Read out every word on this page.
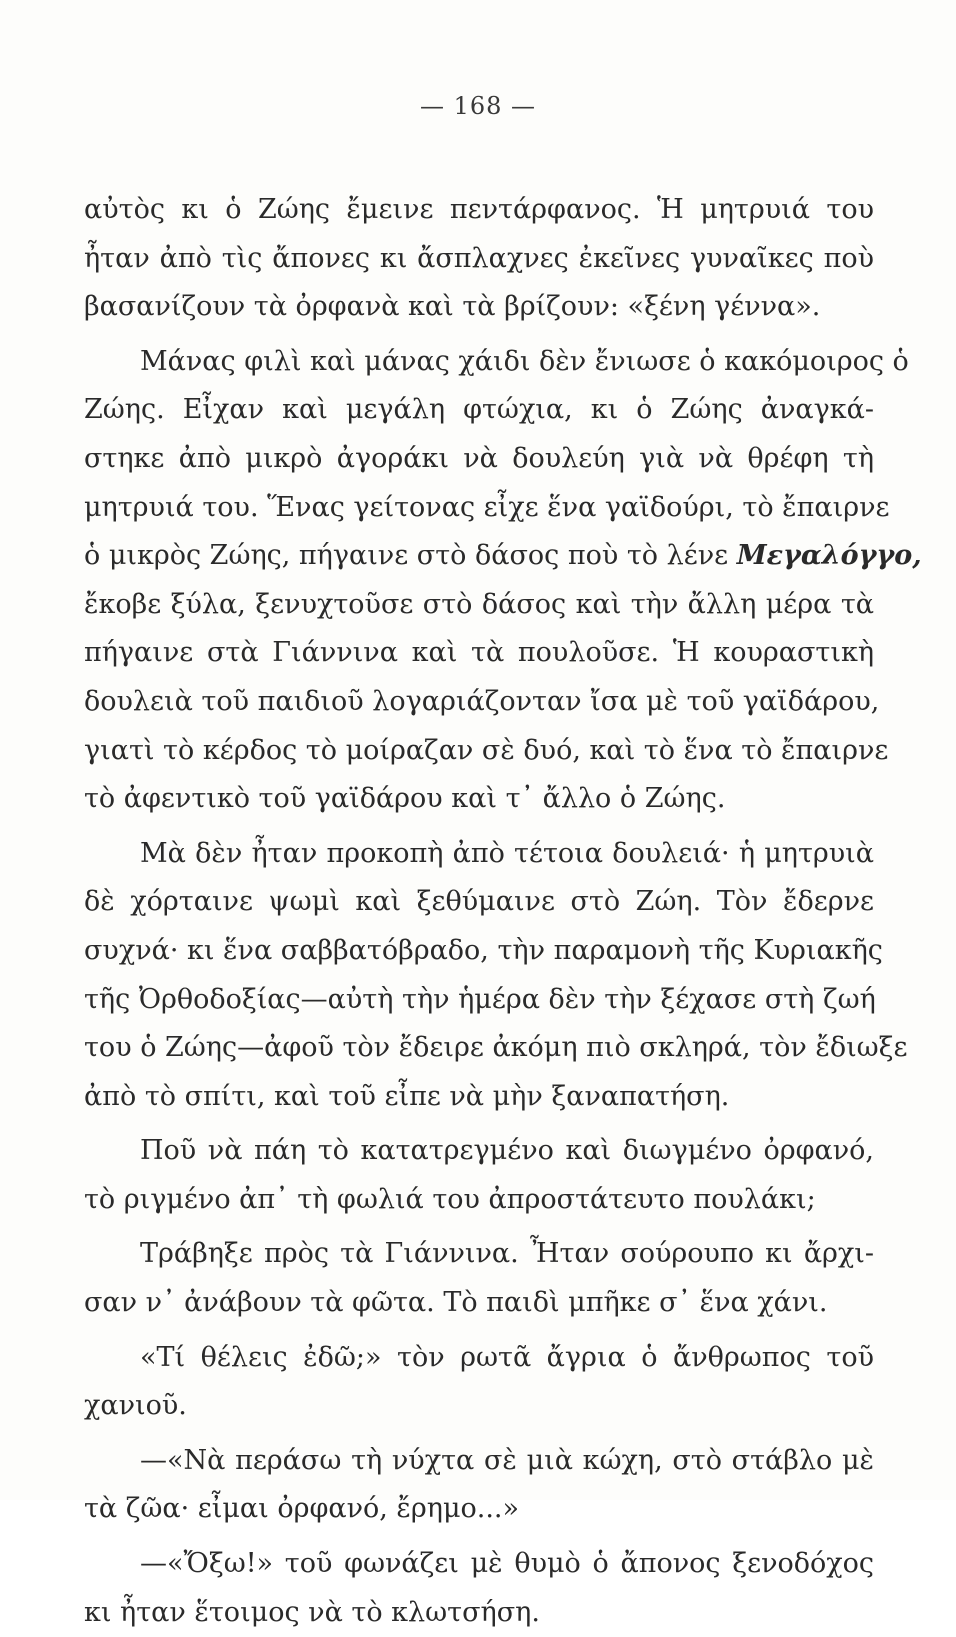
— 168 —
αὐτὸς κι ὁ Ζώης ἔμεινε πεντάρφανος. Ἡ μητρυιά του
ἦταν ἀπὸ τὶς ἄπονες κι ἄσπλαχνες ἐκεῖνες γυναῖκες ποὺ
βασανίζουν τὰ ὀρφανὰ καὶ τὰ βρίζουν: «ξένη γέννα».
Μάνας φιλὶ καὶ μάνας χάιδι δὲν ἔνιωσε ὁ κακόμοιρος ὁ
Ζώης. Εἶχαν καὶ μεγάλη φτώχια, κι ὁ Ζώης ἀναγκά-
στηκε ἀπὸ μικρὸ ἀγοράκι νὰ δουλεύη γιὰ νὰ θρέφη τὴ
μητρυιά του. Ἕνας γείτονας εἶχε ἕνα γαϊδούρι, τὸ ἔπαιρνε
ὁ μικρὸς Ζώης, πήγαινε στὸ δάσος ποὺ τὸ λένε Μεγαλόγγο,
ἔκοβε ξύλα, ξενυχτοῦσε στὸ δάσος καὶ τὴν ἄλλη μέρα τὰ
πήγαινε στὰ Γιάννινα καὶ τὰ πουλοῦσε. Ἡ κουραστικὴ
δουλειὰ τοῦ παιδιοῦ λογαριάζονταν ἴσα μὲ τοῦ γαϊδάρου,
γιατὶ τὸ κέρδος τὸ μοίραζαν σὲ δυό, καὶ τὸ ἕνα τὸ ἔπαιρνε
τὸ ἀφεντικὸ τοῦ γαϊδάρου καὶ τ᾿ ἄλλο ὁ Ζώης.
Μὰ δὲν ἦταν προκοπὴ ἀπὸ τέτοια δουλειά· ἡ μητρυιὰ
δὲ χόρταινε ψωμὶ καὶ ξεθύμαινε στὸ Ζώη. Τὸν ἔδερνε
συχνά· κι ἕνα σαββατόβραδο, τὴν παραμονὴ τῆς Κυριακῆς
τῆς Ὀρθοδοξίας—αὐτὴ τὴν ἡμέρα δὲν τὴν ξέχασε στὴ ζωή
του ὁ Ζώης—ἀφοῦ τὸν ἔδειρε ἀκόμη πιὸ σκληρά, τὸν ἔδιωξε
ἀπὸ τὸ σπίτι, καὶ τοῦ εἶπε νὰ μὴν ξαναπατήση.
Ποῦ νὰ πάη τὸ κατατρεγμένο καὶ διωγμένο ὀρφανό,
τὸ ριγμένο ἀπ᾿ τὴ φωλιά του ἀπροστάτευτο πουλάκι;
Τράβηξε πρὸς τὰ Γιάννινα. Ἦταν σούρουπο κι ἄρχι-
σαν ν᾿ ἀνάβουν τὰ φῶτα. Τὸ παιδὶ μπῆκε σ᾿ ἕνα χάνι.
«Τί θέλεις ἐδῶ;» τὸν ρωτᾶ ἄγρια ὁ ἄνθρωπος τοῦ
χανιοῦ.
—«Νὰ περάσω τὴ νύχτα σὲ μιὰ κώχη, στὸ στάβλο μὲ
τὰ ζῶα· εἶμαι ὀρφανό, ἔρημο...»
—«Ὄξω!» τοῦ φωνάζει μὲ θυμὸ ὁ ἄπονος ξενοδόχος
κι ἦταν ἕτοιμος νὰ τὸ κλωτσήση.
